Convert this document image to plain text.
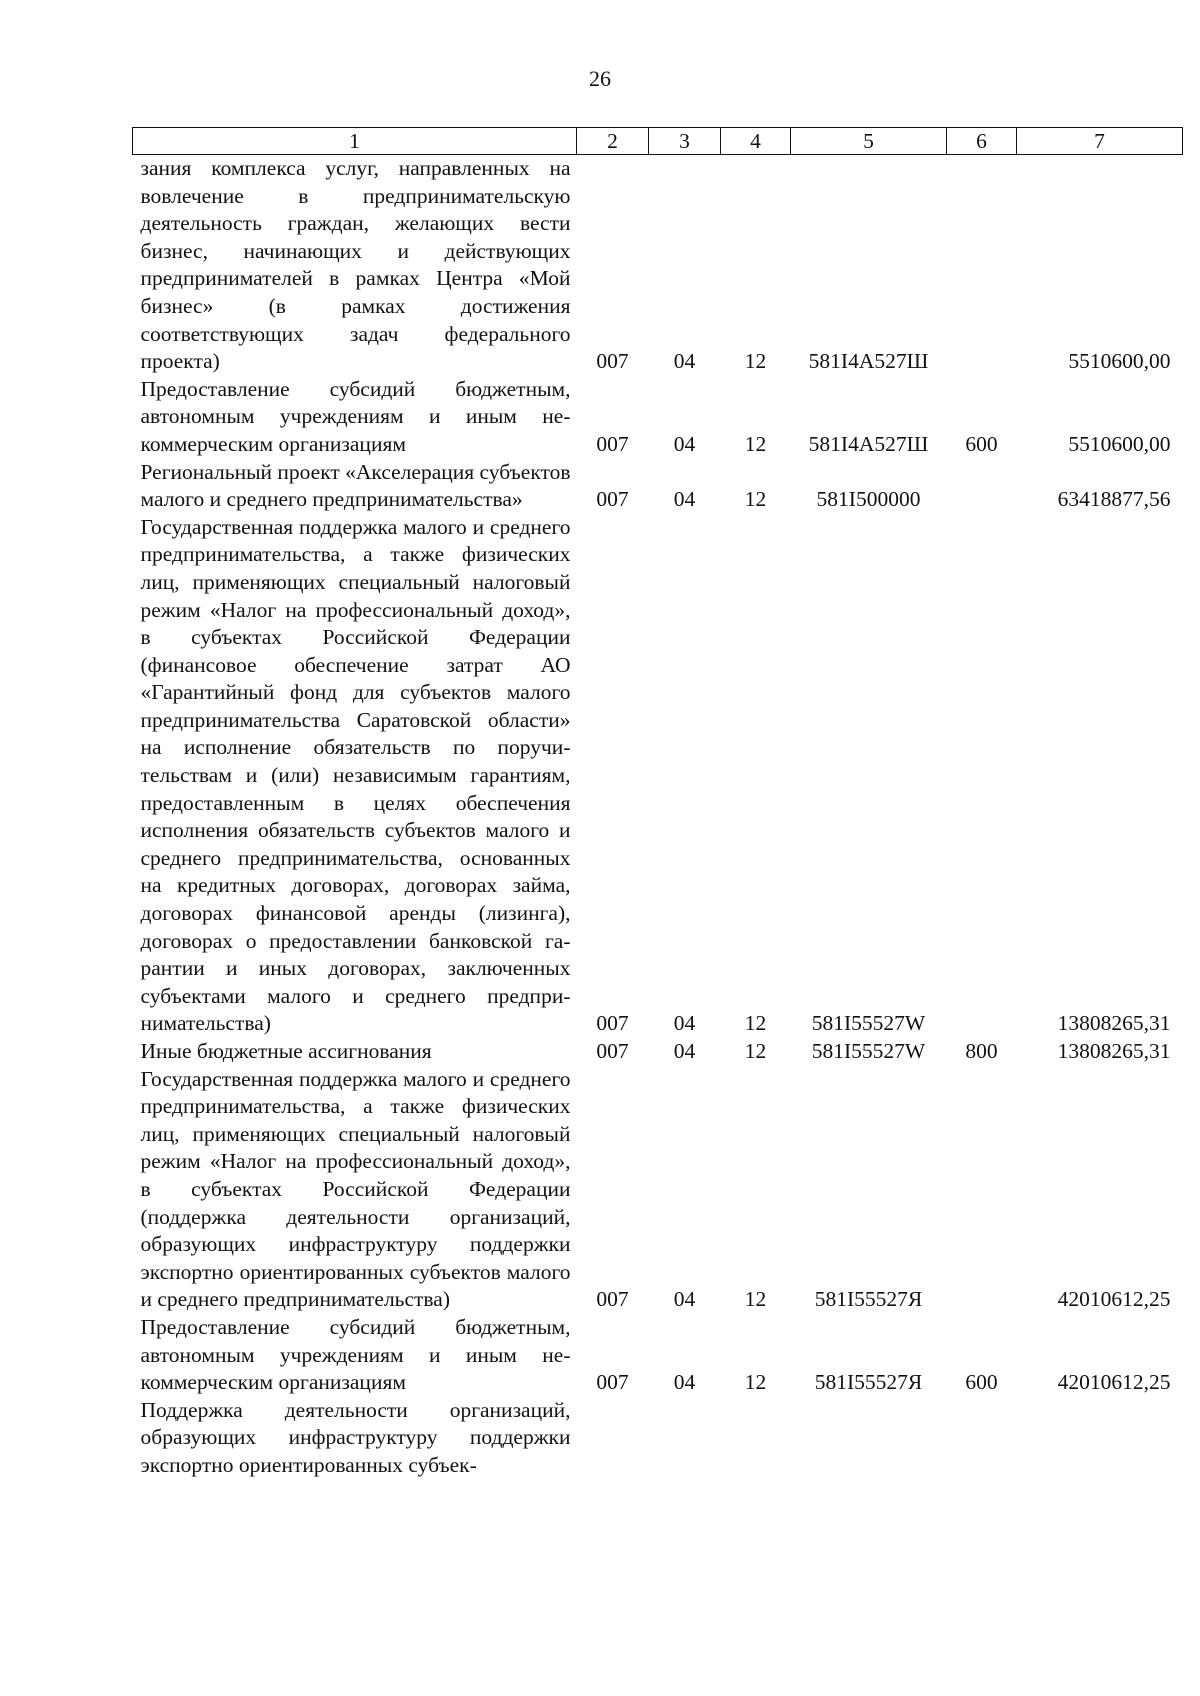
26
1	2	3	4	5	6	7
зания комплекса услуг, направленных на вовлечение в предпринимательскую деятельность граждан, желающих вести бизнес, начинающих и действующих предпринимателей в рамках Центра «Мой бизнес» (в рамках достижения соответствующих задач федерального проекта)	007	04	12	581I4A527Ш		5510600,00
Предоставление субсидий бюджетным, автономным учреждениям и иным некоммерческим организациям	007	04	12	581I4A527Ш	600	5510600,00
Региональный проект «Акселерация субъектов малого и среднего предпринимательства»	007	04	12	581I500000		63418877,56
Государственная поддержка малого и среднего предпринимательства, а также физических лиц, применяющих специальный налоговый режим «Налог на профессиональный доход», в субъектах Российской Федерации (финансовое обеспечение затрат АО «Гарантийный фонд для субъектов малого предпринимательства Саратовской области» на исполнение обязательств по поручительствам и (или) независимым гарантиям, предоставленным в целях обеспечения исполнения обязательств субъектов малого и среднего предпринимательства, основанных на кредитных договорах, договорах займа, договорах финансовой аренды (лизинга), договорах о предоставлении банковской гарантии и иных договорах, заключенных субъектами малого и среднего предпринимательства)	007	04	12	581I55527W		13808265,31
Иные бюджетные ассигнования	007	04	12	581I55527W	800	13808265,31
Государственная поддержка малого и среднего предпринимательства, а также физических лиц, применяющих специальный налоговый режим «Налог на профессиональный доход», в субъектах Российской Федерации (поддержка деятельности организаций, образующих инфраструктуру поддержки экспортно ориентированных субъектов малого и среднего предпринимательства)	007	04	12	581I55527Я		42010612,25
Предоставление субсидий бюджетным, автономным учреждениям и иным некоммерческим организациям	007	04	12	581I55527Я	600	42010612,25
Поддержка деятельности организаций, образующих инфраструктуру поддержки экспортно ориентированных субъек-						
